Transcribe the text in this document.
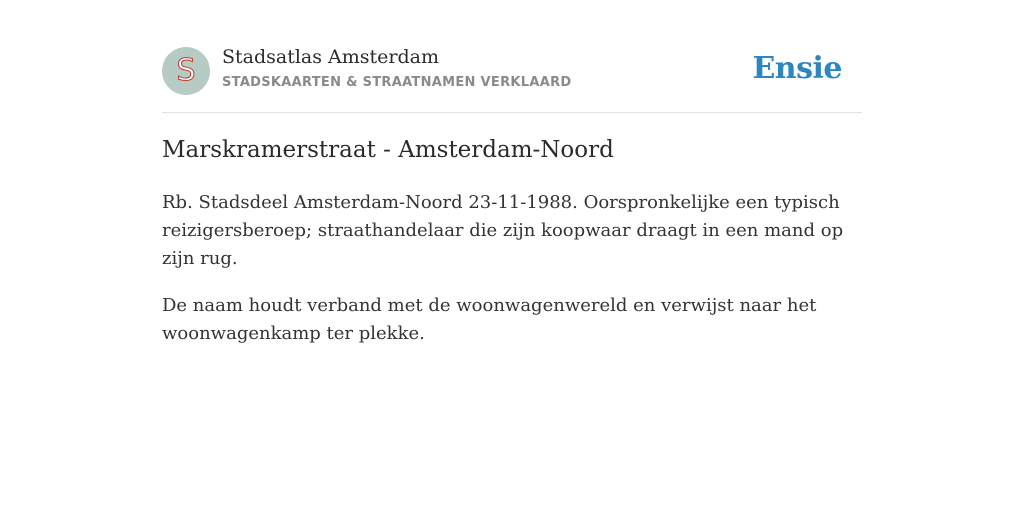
S	Stadsatlas Amsterdam
STADSKAARTEN & STRAATNAMEN VERKLAARD	Ensie
Marskramerstraat - Amsterdam-Noord

Rb. Stadsdeel Amsterdam-Noord 23-11-1988. Oorspronkelijke een typisch reizigersberoep; straathandelaar die zijn koopwaar draagt in een mand op zijn rug.

De naam houdt verband met de woonwagenwereld en verwijst naar het woonwagenkamp ter plekke.
